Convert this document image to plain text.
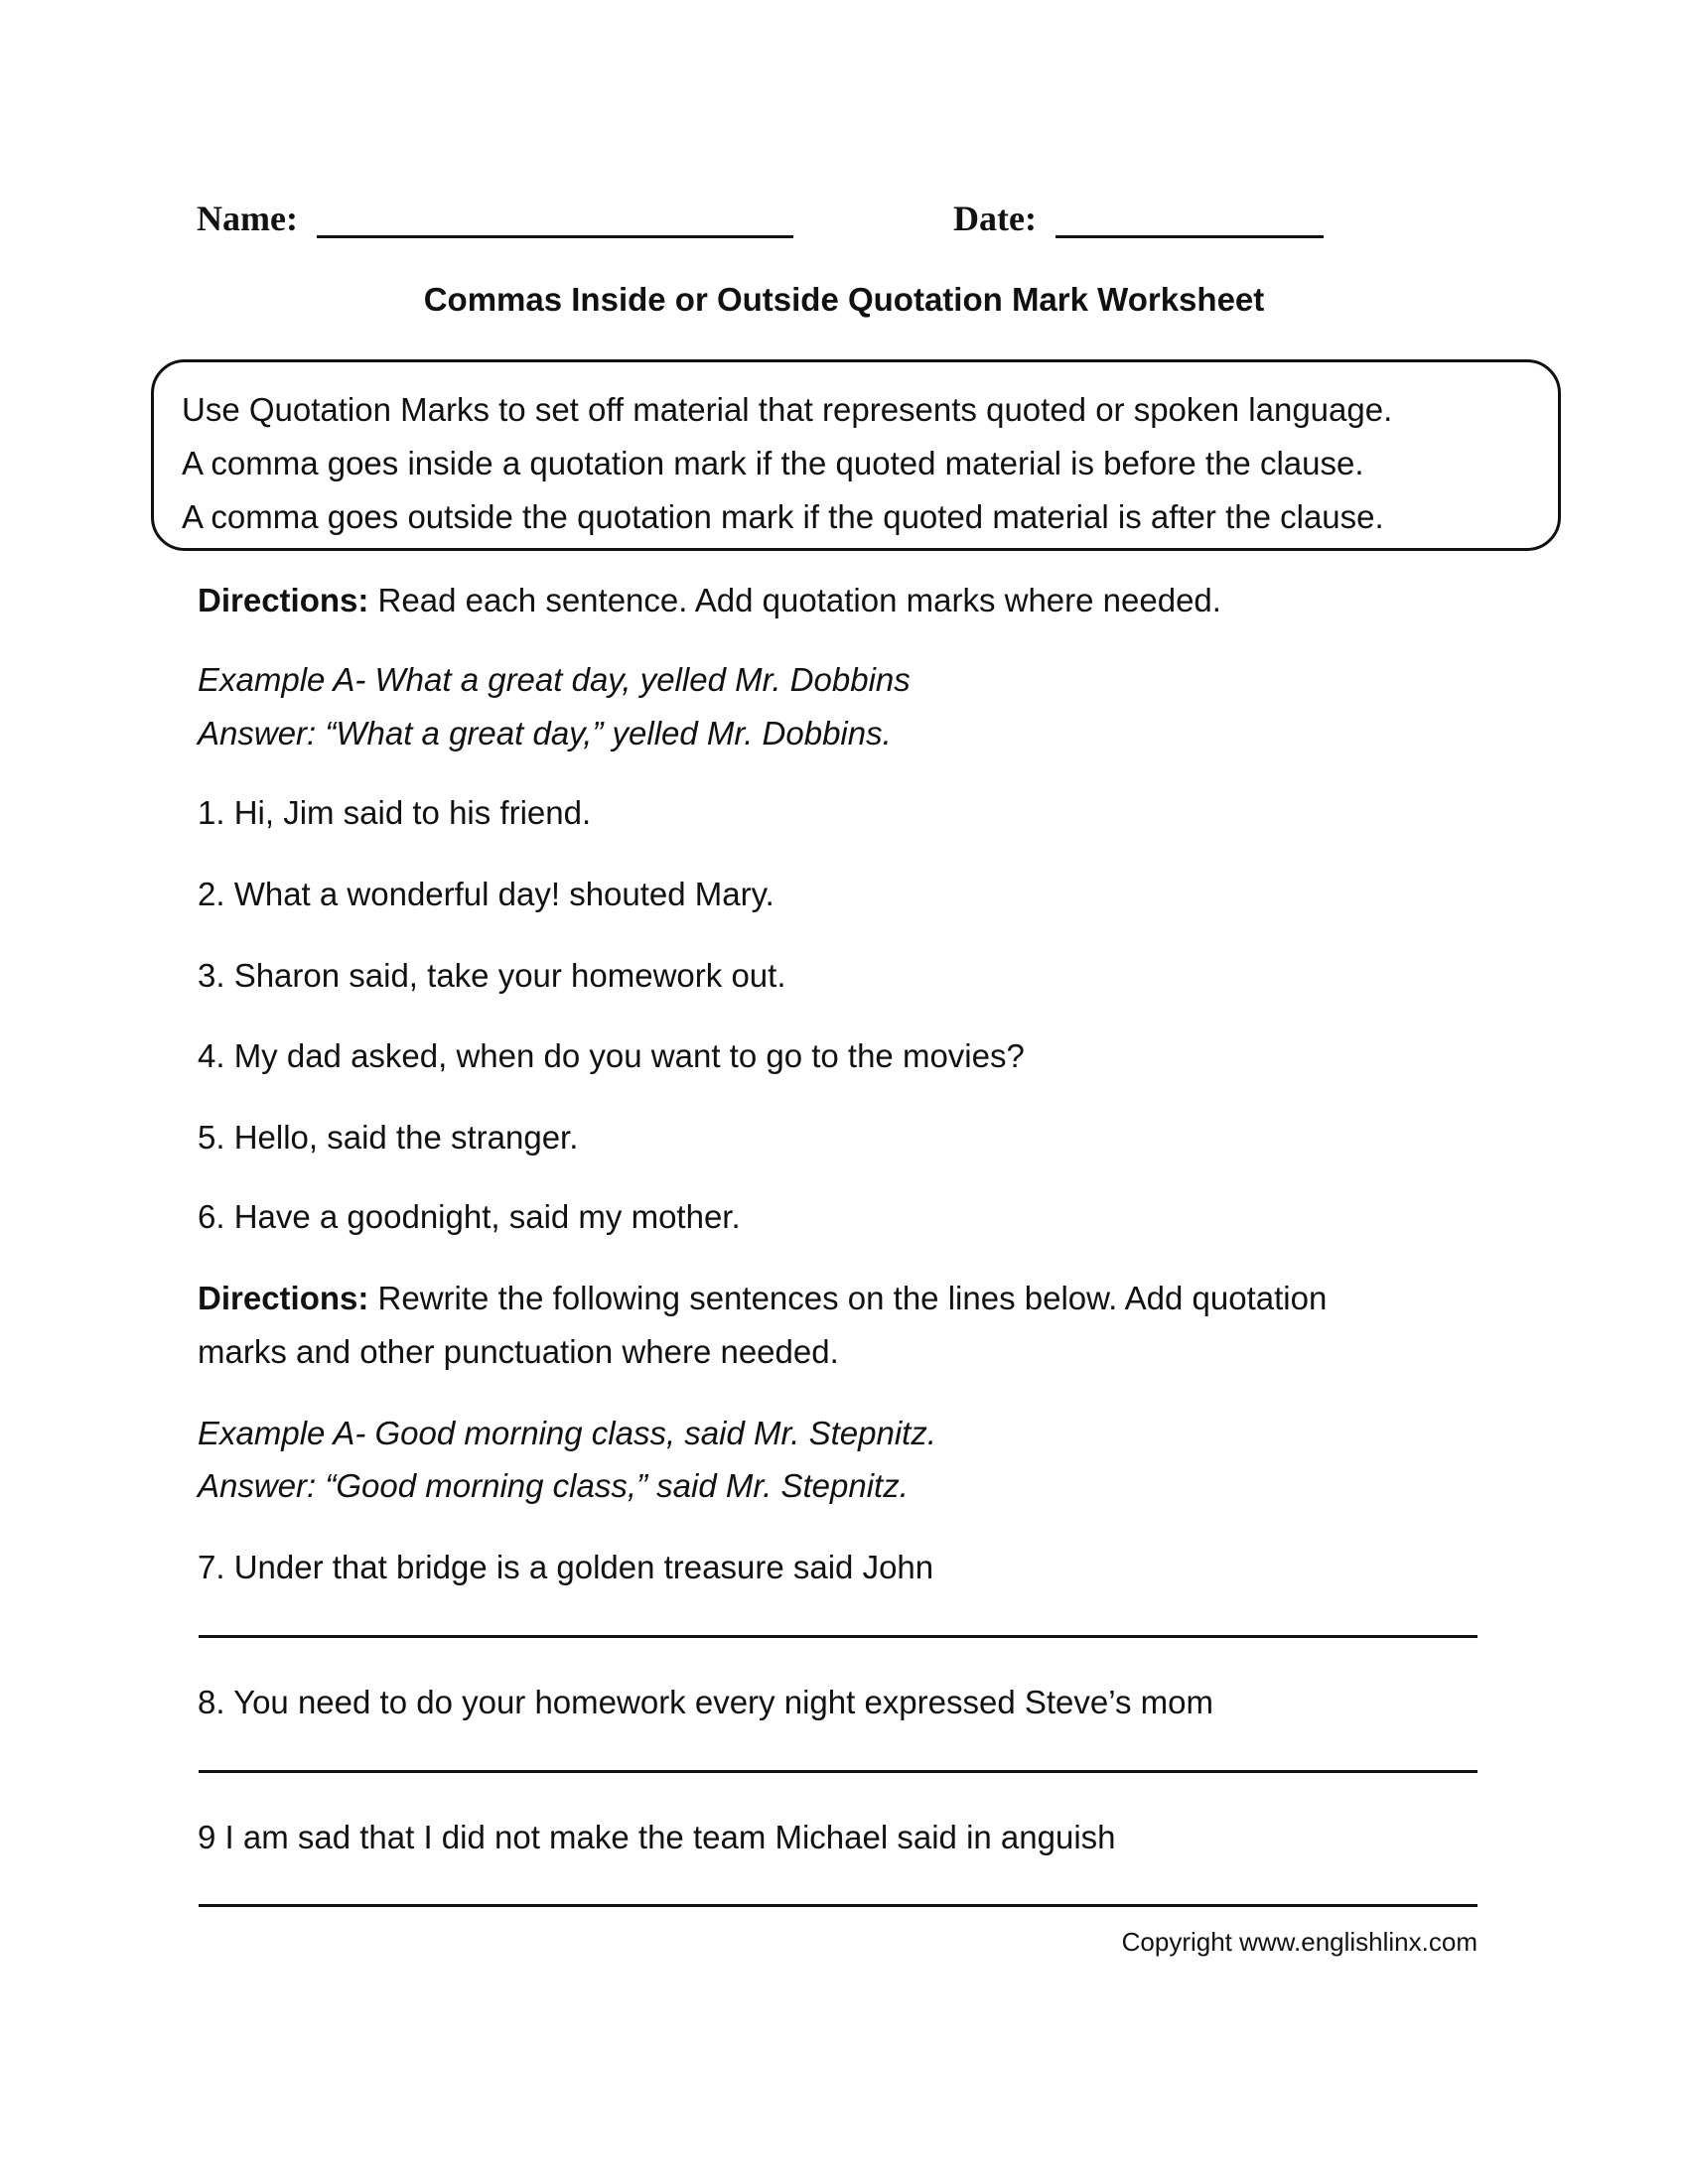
Name:	Date:
Commas Inside or Outside Quotation Mark Worksheet
Use Quotation Marks to set off material that represents quoted or spoken language.
A comma goes inside a quotation mark if the quoted material is before the clause.
A comma goes outside the quotation mark if the quoted material is after the clause.
Directions: Read each sentence. Add quotation marks where needed.
Example A- What a great day, yelled Mr. Dobbins
Answer: “What a great day,” yelled Mr. Dobbins.
1. Hi, Jim said to his friend.
2. What a wonderful day! shouted Mary.
3. Sharon said, take your homework out.
4. My dad asked, when do you want to go to the movies?
5. Hello, said the stranger.
6. Have a goodnight, said my mother.
Directions: Rewrite the following sentences on the lines below. Add quotation
marks and other punctuation where needed.
Example A- Good morning class, said Mr. Stepnitz.
Answer: “Good morning class,” said Mr. Stepnitz.
7. Under that bridge is a golden treasure said John
8. You need to do your homework every night expressed Steve’s mom
9 I am sad that I did not make the team Michael said in anguish
Copyright www.englishlinx.com
